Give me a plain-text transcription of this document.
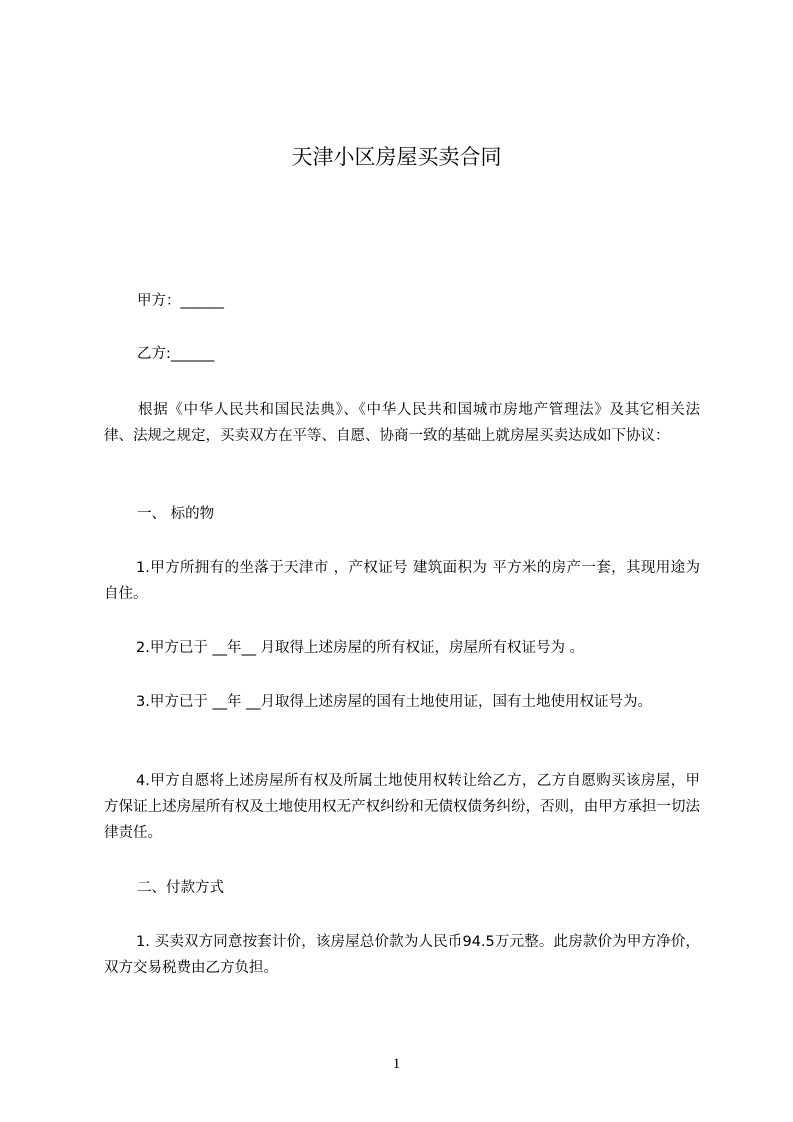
天津小区房屋买卖合同
甲方：______
乙方:______
根据《中华人民共和国民法典》、《中华人民共和国城市房地产管理法》及其它相关法律、法规之规定，买卖双方在平等、自愿、协商一致的基础上就房屋买卖达成如下协议：
一、 标的物
1.甲方所拥有的坐落于天津市 ，产权证号 建筑面积为 平方米的房产一套，其现用途为自住。
2.甲方已于 __年__ 月取得上述房屋的所有权证，房屋所有权证号为 。
3.甲方已于 __年 __月取得上述房屋的国有土地使用证，国有土地使用权证号为。
4.甲方自愿将上述房屋所有权及所属土地使用权转让给乙方，乙方自愿购买该房屋，甲方保证上述房屋所有权及土地使用权无产权纠纷和无债权债务纠纷，否则，由甲方承担一切法律责任。
二、付款方式
1. 买卖双方同意按套计价，该房屋总价款为人民币94.5万元整。此房款价为甲方净价，双方交易税费由乙方负担。
1
